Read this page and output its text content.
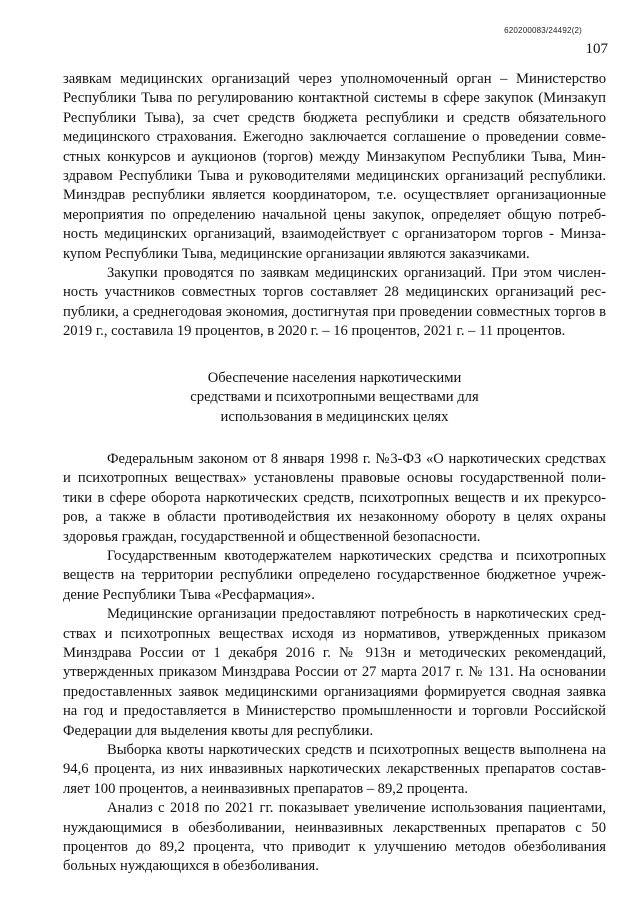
620200083/24492(2)
107

заявкам медицинских организаций через уполномоченный орган – Министерство Республики Тыва по регулированию контактной системы в сфере закупок (Минзакуп Республики Тыва), за счет средств бюджета республики и средств обязательного медицинского страхования. Ежегодно заключается соглашение о проведении совместных конкурсов и аукционов (торгов) между Минзакупом Республики Тыва, Минздравом Республики Тыва и руководителями медицинских организаций республики. Минздрав республики является координатором, т.е. осуществляет организационные мероприятия по определению начальной цены закупок, определяет общую потребность медицинских организаций, взаимодействует с организатором торгов - Минзакупом Республики Тыва, медицинские организации являются заказчиками.

Закупки проводятся по заявкам медицинских организаций. При этом численность участников совместных торгов составляет 28 медицинских организаций республики, а среднегодовая экономия, достигнутая при проведении совместных торгов в 2019 г., составила 19 процентов, в 2020 г. – 16 процентов, 2021 г. – 11 процентов.

Обеспечение населения наркотическими
средствами и психотропными веществами для
использования в медицинских целях

Федеральным законом от 8 января 1998 г. №3-ФЗ «О наркотических средствах и психотропных веществах» установлены правовые основы государственной политики в сфере оборота наркотических средств, психотропных веществ и их прекурсоров, а также в области противодействия их незаконному обороту в целях охраны здоровья граждан, государственной и общественной безопасности.

Государственным квотодержателем наркотических средства и психотропных веществ на территории республики определено государственное бюджетное учреждение Республики Тыва «Ресфармация».

Медицинские организации предоставляют потребность в наркотических средствах и психотропных веществах исходя из нормативов, утвержденных приказом Минздрава России от 1 декабря 2016 г. № 913н и методических рекомендаций, утвержденных приказом Минздрава России от 27 марта 2017 г. № 131. На основании предоставленных заявок медицинскими организациями формируется сводная заявка на год и предоставляется в Министерство промышленности и торговли Российской Федерации для выделения квоты для республики.

Выборка квоты наркотических средств и психотропных веществ выполнена на 94,6 процента, из них инвазивных наркотических лекарственных препаратов составляет 100 процентов, а неинвазивных препаратов – 89,2 процента.

Анализ с 2018 по 2021 гг. показывает увеличение использования пациентами, нуждающимися в обезболивании, неинвазивных лекарственных препаратов с 50 процентов до 89,2 процента, что приводит к улучшению методов обезболивания больных нуждающихся в обезболивания.
